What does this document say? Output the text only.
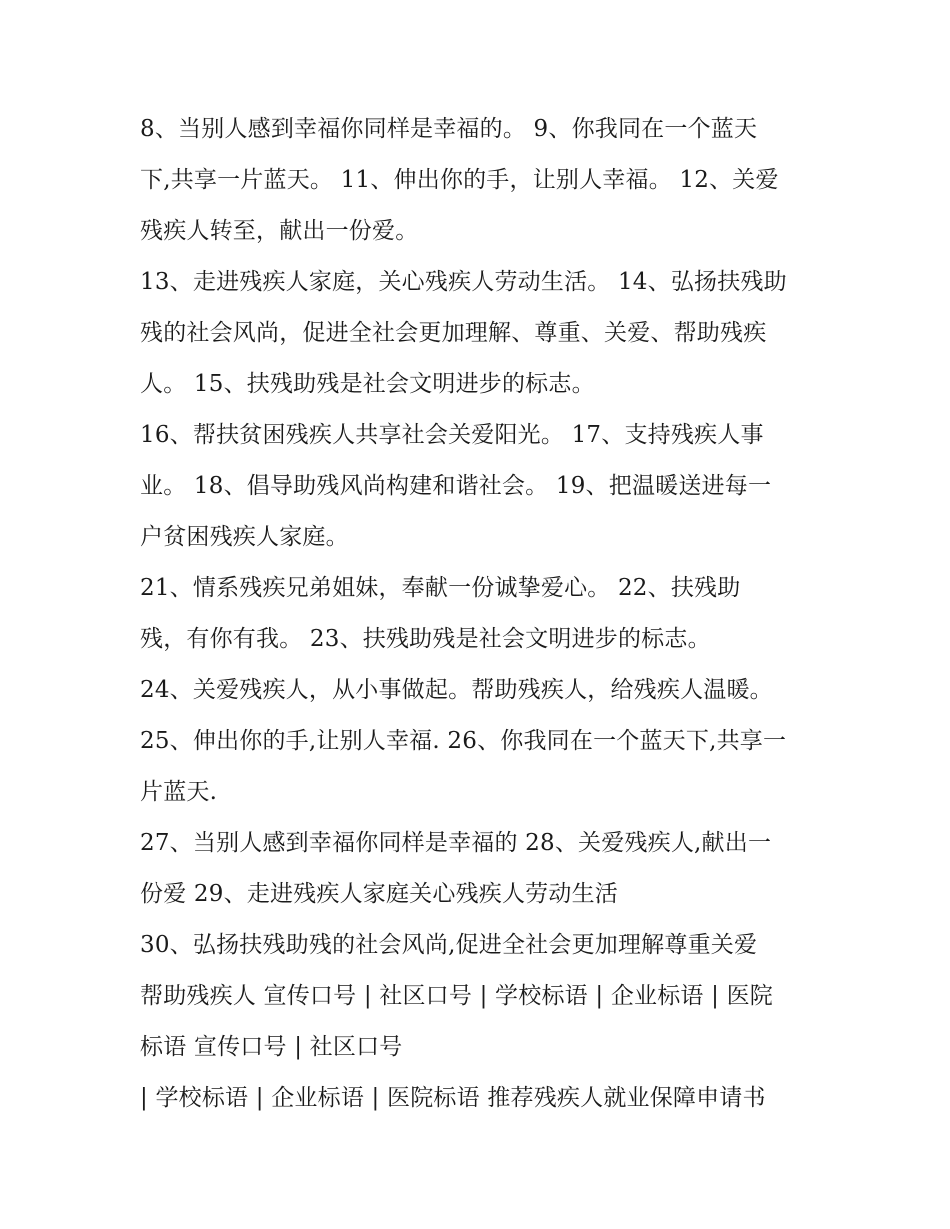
8、当别人感到幸福你同样是幸福的。 9、你我同在一个蓝天
下,共享一片蓝天。 11、伸出你的手，让别人幸福。 12、关爱
残疾人转至，献出一份爱。
13、走进残疾人家庭，关心残疾人劳动生活。 14、弘扬扶残助
残的社会风尚，促进全社会更加理解、尊重、关爱、帮助残疾
人。 15、扶残助残是社会文明进步的标志。
16、帮扶贫困残疾人共享社会关爱阳光。 17、支持残疾人事
业。 18、倡导助残风尚构建和谐社会。 19、把温暖送进每一
户贫困残疾人家庭。
21、情系残疾兄弟姐妹，奉献一份诚挚爱心。 22、扶残助
残，有你有我。 23、扶残助残是社会文明进步的标志。
24、关爱残疾人，从小事做起。帮助残疾人，给残疾人温暖。
25、伸出你的手,让别人幸福. 26、你我同在一个蓝天下,共享一
片蓝天.
27、当别人感到幸福你同样是幸福的 28、关爱残疾人,献出一
份爱 29、走进残疾人家庭关心残疾人劳动生活
30、弘扬扶残助残的社会风尚,促进全社会更加理解尊重关爱
帮助残疾人 宣传口号 | 社区口号 | 学校标语 | 企业标语 | 医院
标语 宣传口号 | 社区口号
| 学校标语 | 企业标语 | 医院标语 推荐残疾人就业保障申请书
